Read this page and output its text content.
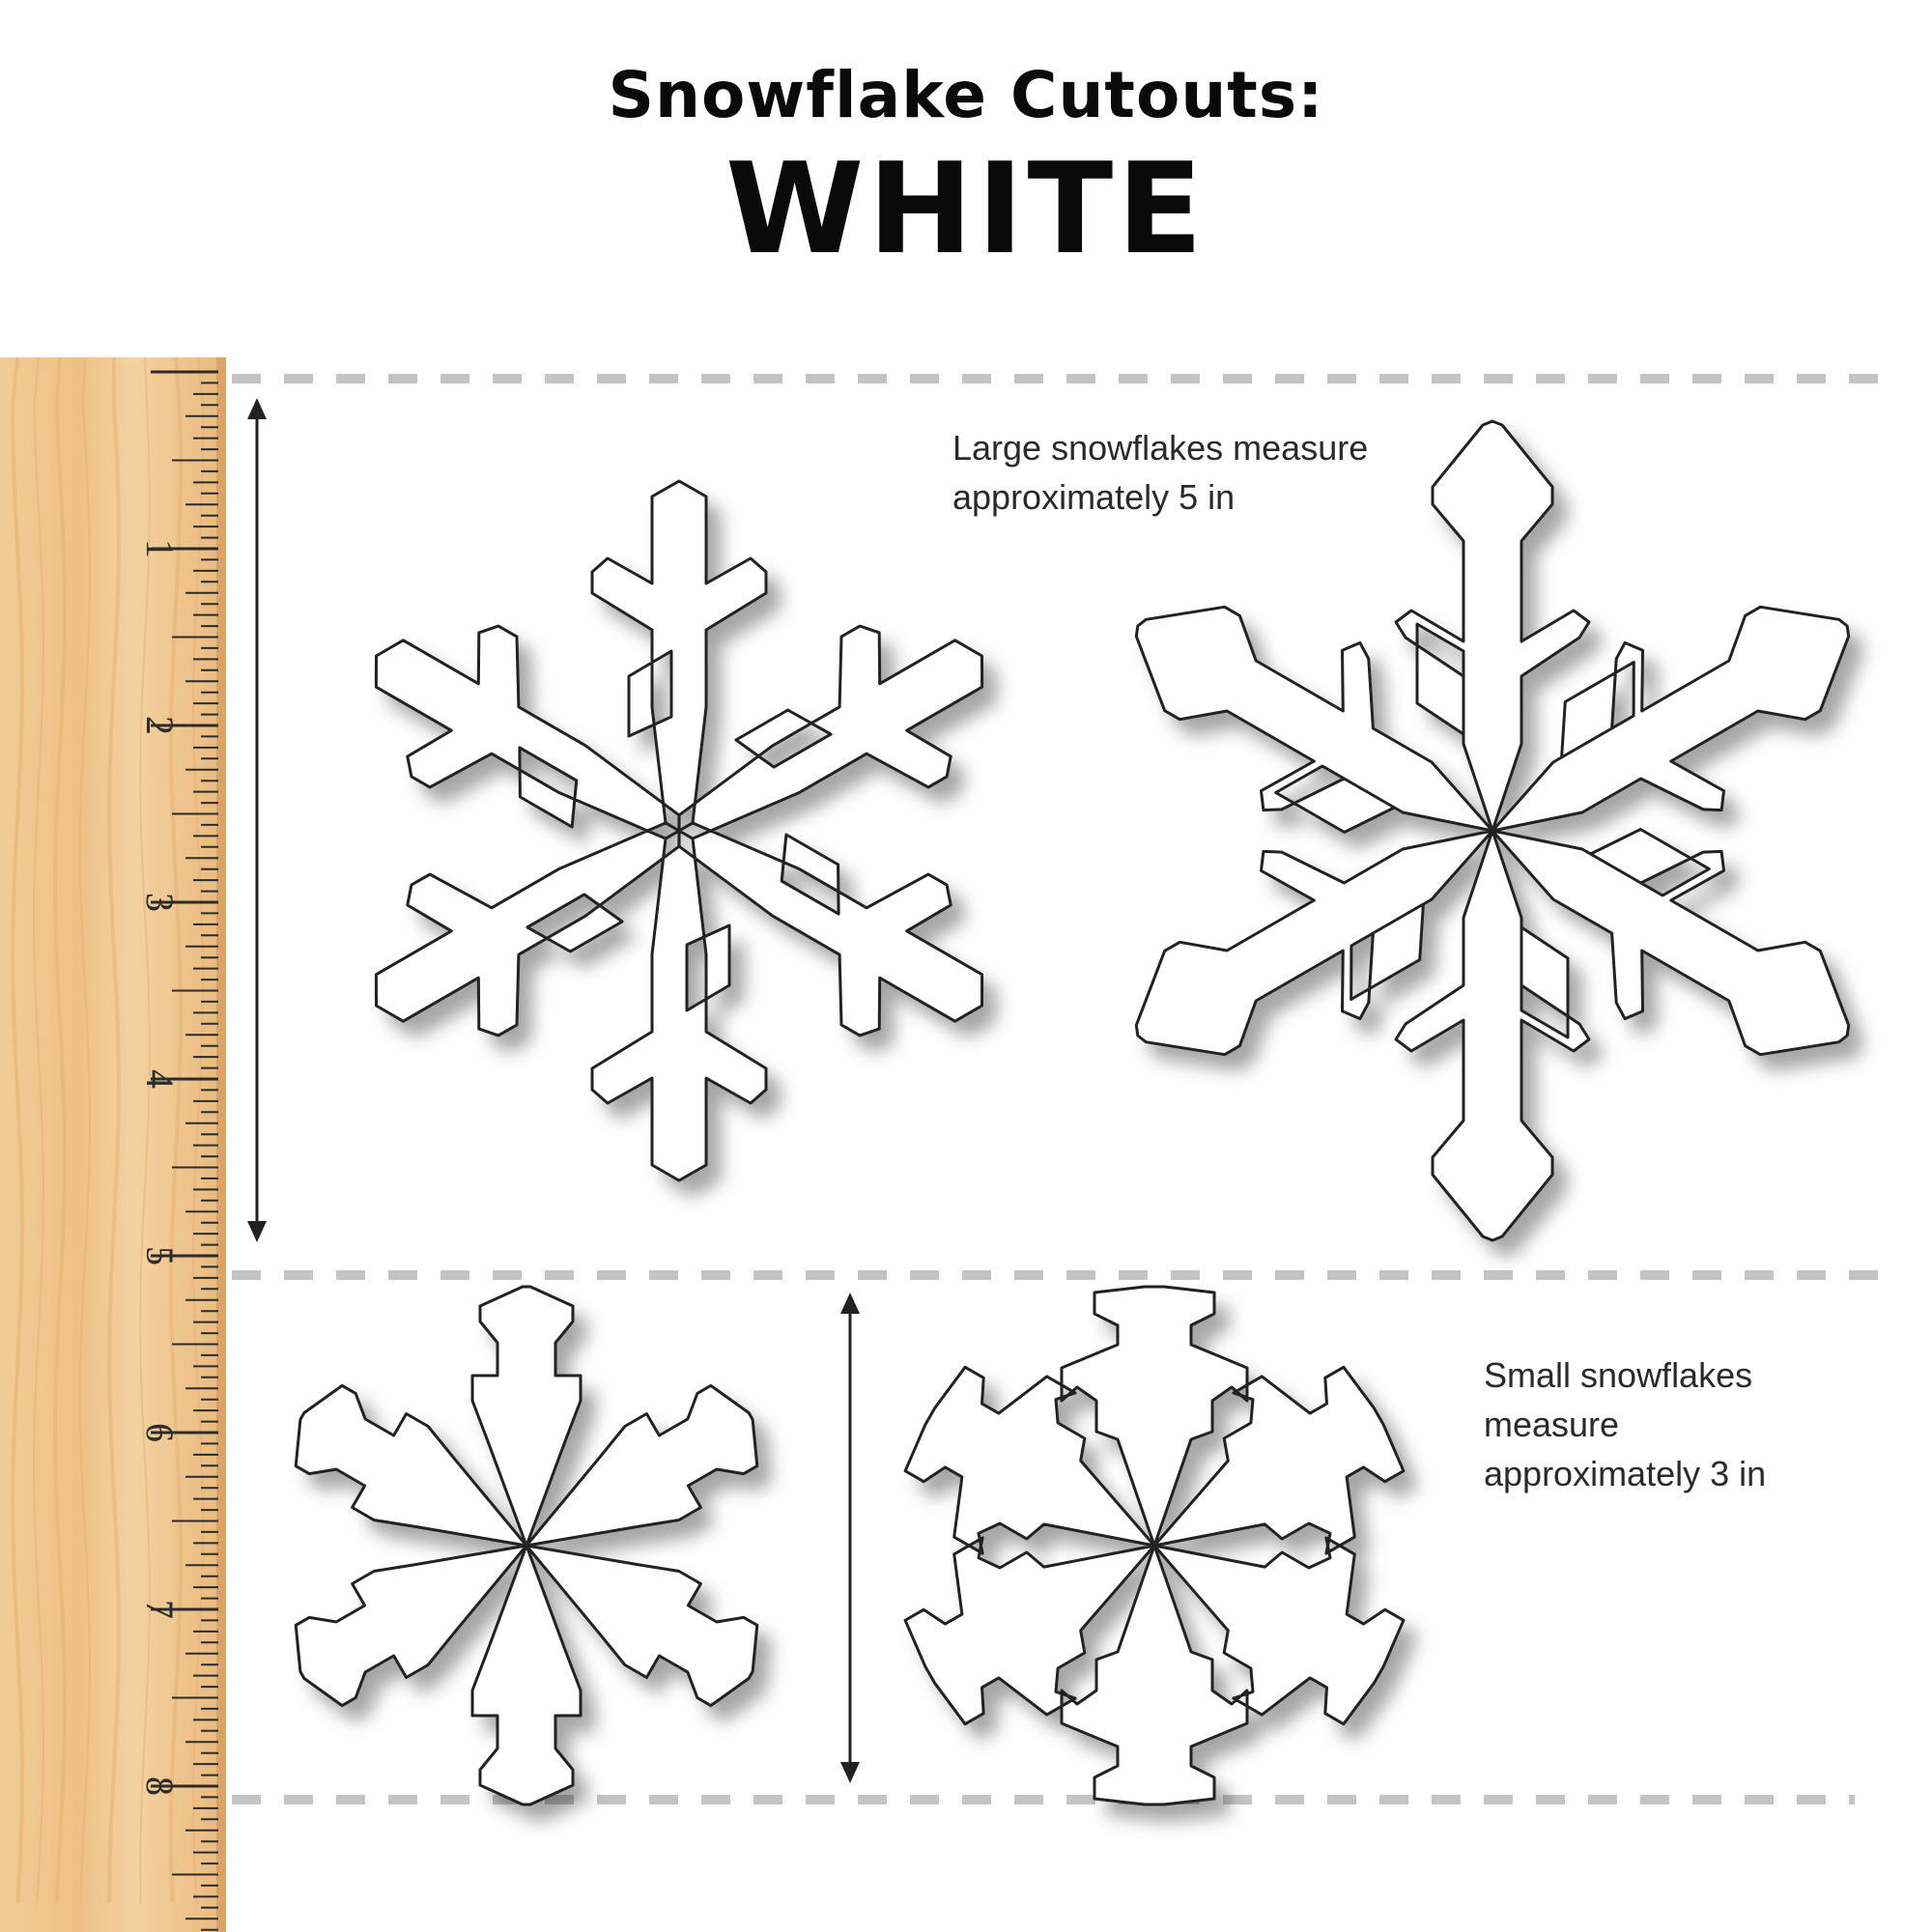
1
2
3
4
5
6
7
8
Snowflake Cutouts:
WHITE
Large snowflakes measure
approximately 5 in
Small snowflakes
measure
approximately 3 in
